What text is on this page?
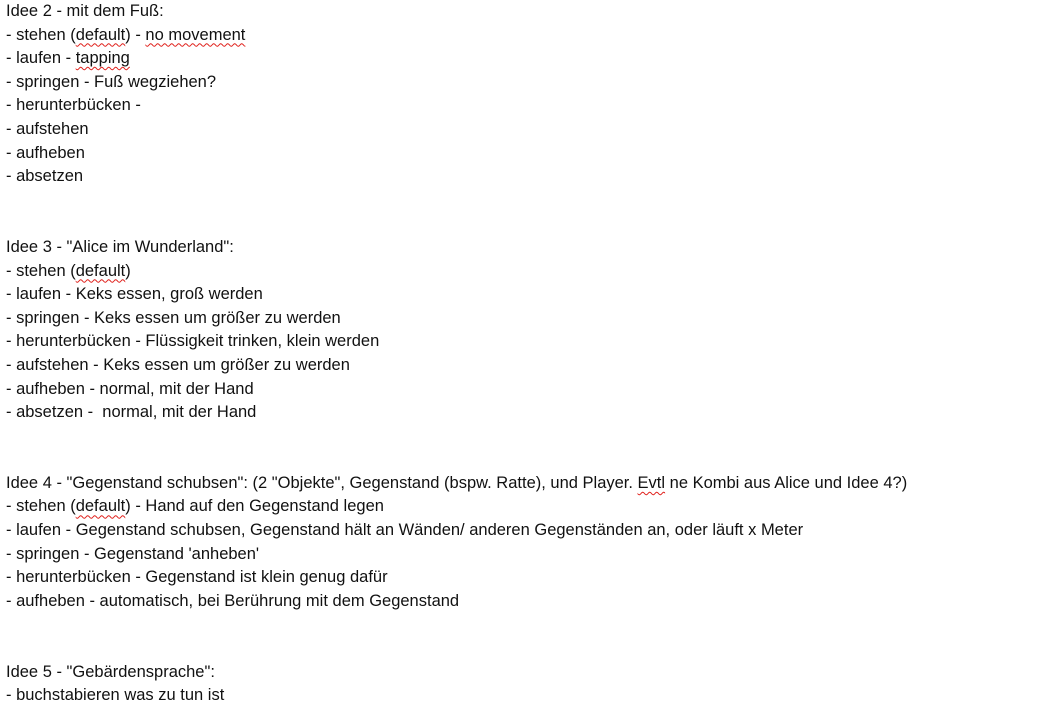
Idee 2 - mit dem Fuß:

- stehen (default) - no movement

- laufen - tapping

- springen - Fuß wegziehen?

- herunterbücken -

- aufstehen

- aufheben

- absetzen

Idee 3 - "Alice im Wunderland":

- stehen (default)

- laufen - Keks essen, groß werden

- springen - Keks essen um größer zu werden

- herunterbücken - Flüssigkeit trinken, klein werden

- aufstehen - Keks essen um größer zu werden

- aufheben - normal, mit der Hand

- absetzen -  normal, mit der Hand

Idee 4 - "Gegenstand schubsen": (2 "Objekte", Gegenstand (bspw. Ratte), und Player. Evtl ne Kombi aus Alice und Idee 4?)

- stehen (default) - Hand auf den Gegenstand legen

- laufen - Gegenstand schubsen, Gegenstand hält an Wänden/ anderen Gegenständen an, oder läuft x Meter

- springen - Gegenstand 'anheben'

- herunterbücken - Gegenstand ist klein genug dafür

- aufheben - automatisch, bei Berührung mit dem Gegenstand

Idee 5 - "Gebärdensprache":

- buchstabieren was zu tun ist
